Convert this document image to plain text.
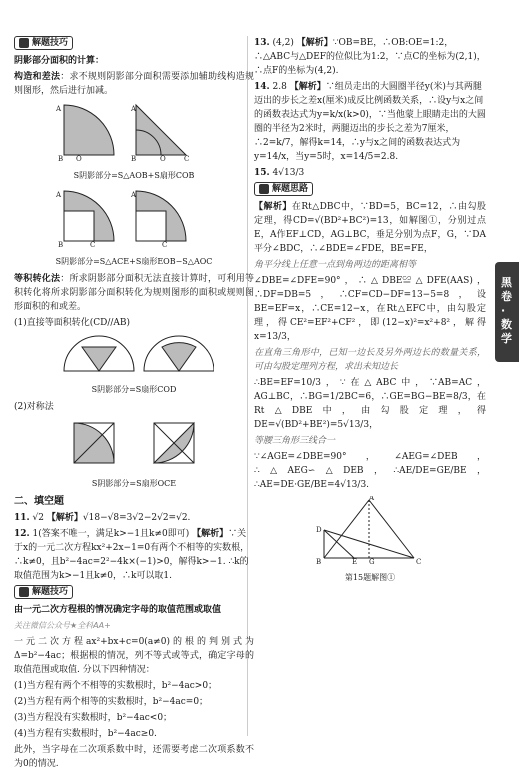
解题技巧
阴影部分面积的计算：
构造和差法：求不规则阴影部分面积需要添加辅助线构造规则图形，然后进行加减。
A
B O
A
B	O	C
S阴影部分=S△AOB+S扇形COB
A
B	C
A
C
S阴影部分=S△ACE+S扇形EOB−S△AOC
等积转化法：所求阴影部分面积无法直接计算时，可利用等积转化将所求阴影部分面积转化为规则图形的面积或规则图形面积的和或差。
(1)直接等面积转化(CD//AB)
S阴影部分=S扇形COD
(2)对称法
S阴影部分=S扇形OCE
二、填空题
11. √2 【解析】√18−√8=3√2−2√2=√2.
12. 1(答案不唯一，满足k>−1且k≠0即可) 【解析】∵关于x的一元二次方程kx²+2x−1=0有两个不相等的实数根，∴k≠0，且b²−4ac=2²−4k×(−1)>0，解得k>−1. ∴k的取值范围为k>−1且k≠0，∴k可以取1.
解题技巧
由一元二次方程根的情况确定字母的取值范围或取值
关注微信公众号★全科AA+
一元二次方程ax²+bx+c=0(a≠0)的根的判别式为Δ=b²−4ac；根据根的情况，列不等式或等式，确定字母的取值范围或取值. 分以下四种情况：
(1)当方程有两个不相等的实数根时，b²−4ac>0；
(2)当方程有两个相等的实数根时，b²−4ac=0；
(3)当方程没有实数根时，b²−4ac<0；
(4)当方程有实数根时，b²−4ac≥0.
此外，当字母在二次项系数中时，还需要考虑二次项系数不为0的情况.
13. (4,2) 【解析】∵OB=BE，∴OB:OE=1:2，∴△ABC与△DEF的位似比为1:2，∵点C的坐标为(2,1)，∴点F的坐标为(4,2).
14. 2.8 【解析】∵组员走出的大圆圈半径y(米)与其两腿迈出的步长之差x(厘米)成反比例函数关系，∴设y与x之间的函数表达式为y=k/x(k>0)，∵当他蒙上眼睛走出的大圆圈的半径为2米时，两腿迈出的步长之差为7厘米，∴2=k/7，解得k=14，∴y与x之间的函数表达式为y=14/x，当y=5时，x=14/5=2.8.
15. 4√13/3
解题思路
【解析】在Rt△DBC中，∵BD=5，BC=12，∴由勾股定理，得CD=√(BD²+BC²)=13，如解图①，分别过点E，A作EF⊥CD，AG⊥BC，垂足分别为点F，G，∵DA平分∠BDC，∴∠BDE=∠FDE，BE=FE，
角平分线上任意一点到角两边的距离相等
∠DBE=∠DFE=90°，∴△DBE≌△DFE(AAS)，∴DF=DB=5，∴CF=CD−DF=13−5=8，设BE=EF=x，∴CE=12−x，在Rt△EFC中，由勾股定理，得CE²=EF²+CF²，即(12−x)²=x²+8²，解得x=13/3，
在直角三角形中，已知一边长及另外两边长的数量关系，可由勾股定理列方程，求出未知边长
∴BE=EF=10/3，∵在△ABC中，∵AB=AC，AG⊥BC，∴BG=1/2BC=6，∴GE=BG−BE=8/3，在Rt△DBE中，由勾股定理，得DE=√(BD²+BE²)=5√13/3，
等腰三角形三线合一
∵∠AGE=∠DBE=90°，∠AEG=∠DEB，∴△AEG∽△DEB，∴AE/DE=GE/BE，∴AE=DE·GE/BE=4√13/3.
A
D
B	C
E G
第15题解图①
黑卷·数学
